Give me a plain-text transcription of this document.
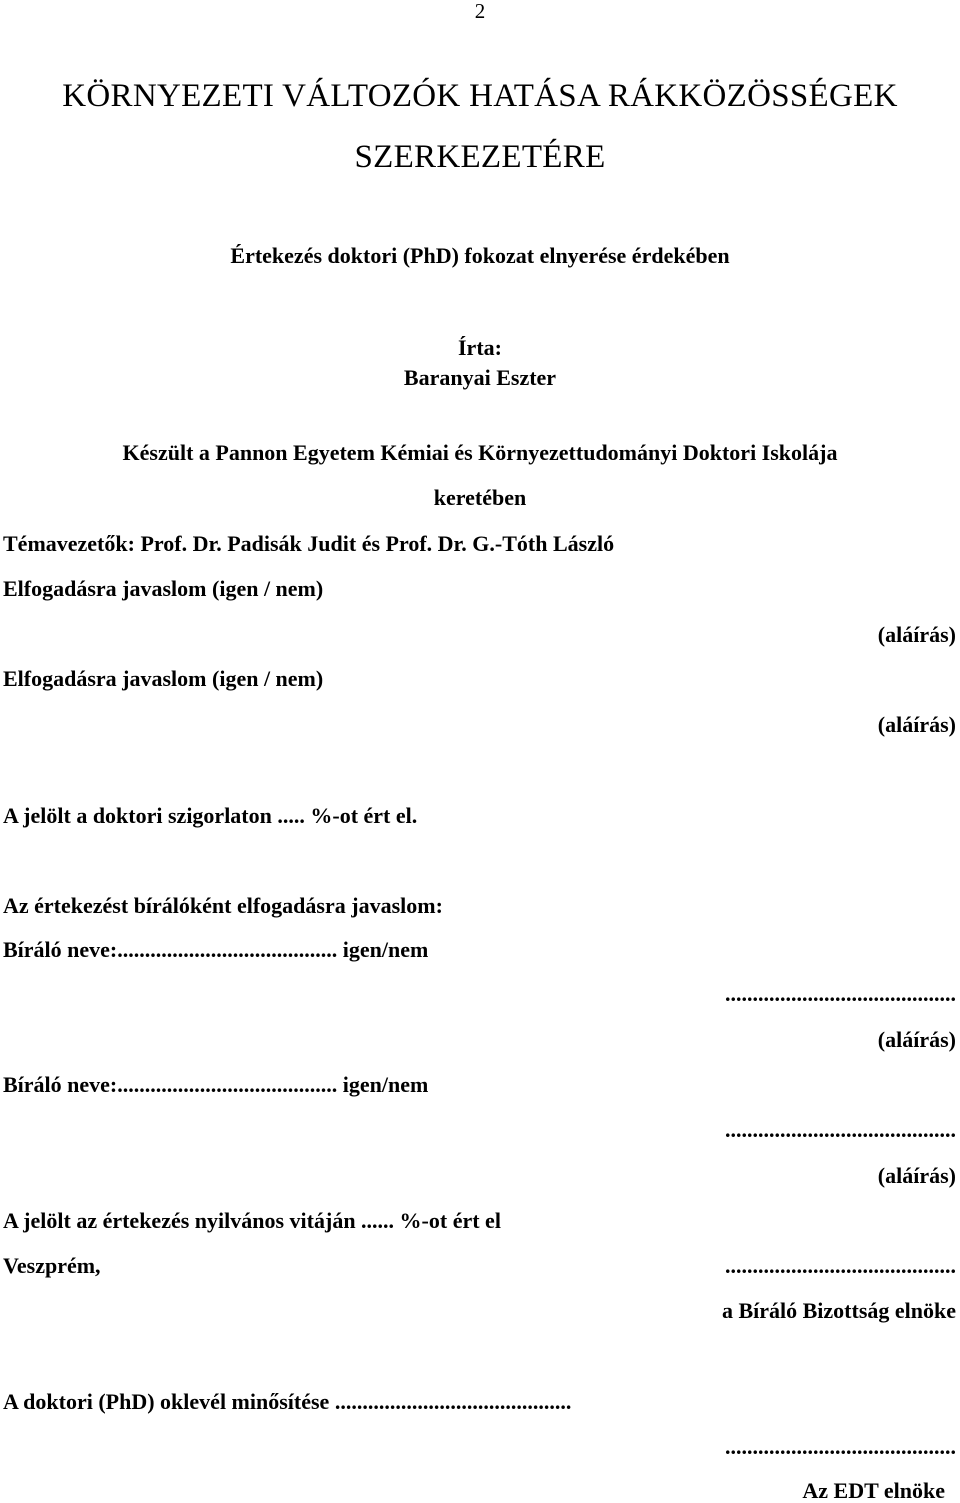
2
KÖRNYEZETI VÁLTOZÓK HATÁSA RÁKKÖZÖSSÉGEK
SZERKEZETÉRE
Értekezés doktori (PhD) fokozat elnyerése érdekében
Írta:
Baranyai Eszter
Készült a Pannon Egyetem Kémiai és Környezettudományi Doktori Iskolája
keretében
Témavezetők: Prof. Dr. Padisák Judit és Prof. Dr. G.-Tóth László
Elfogadásra javaslom (igen / nem)
(aláírás)
Elfogadásra javaslom (igen / nem)
(aláírás)
A jelölt a doktori szigorlaton ..... %-ot ért el.
Az értekezést bírálóként elfogadásra javaslom:
Bíráló neve:........................................ igen/nem
..........................................
(aláírás)
Bíráló neve:........................................ igen/nem
..........................................
(aláírás)
A jelölt az értekezés nyilvános vitáján ...... %-ot ért el
Veszprém,	..........................................
a Bíráló Bizottság elnöke
A doktori (PhD) oklevél minősítése ...........................................
..........................................
Az EDT elnöke
